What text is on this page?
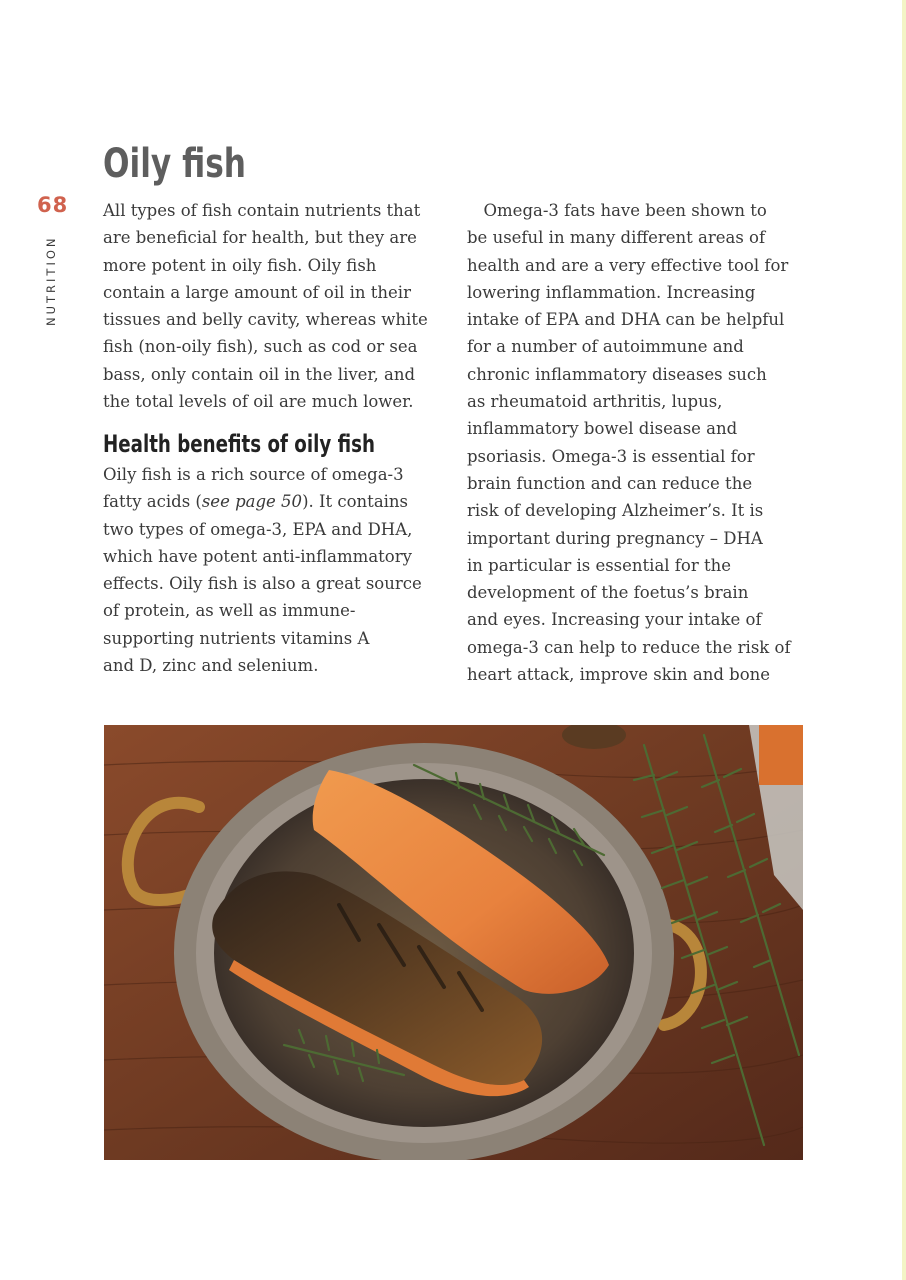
68
NUTRITION
Oily fish

All types of fish contain nutrients that
are beneficial for health, but they are
more potent in oily fish. Oily fish
contain a large amount of oil in their
tissues and belly cavity, whereas white
fish (non-oily fish), such as cod or sea
bass, only contain oil in the liver, and
the total levels of oil are much lower.

Health benefits of oily fish

Oily fish is a rich source of omega-3
fatty acids (see page 50). It contains
two types of omega-3, EPA and DHA,
which have potent anti-inflammatory
effects. Oily fish is also a great source
of protein, as well as immune-
supporting nutrients vitamins A
and D, zinc and selenium.

 Omega-3 fats have been shown to
be useful in many different areas of
health and are a very effective tool for
lowering inflammation. Increasing
intake of EPA and DHA can be helpful
for a number of autoimmune and
chronic inflammatory diseases such
as rheumatoid arthritis, lupus,
inflammatory bowel disease and
psoriasis. Omega-3 is essential for
brain function and can reduce the
risk of developing Alzheimer’s. It is
important during pregnancy – DHA
in particular is essential for the
development of the foetus’s brain
and eyes. Increasing your intake of
omega-3 can help to reduce the risk of
heart attack, improve skin and bone
